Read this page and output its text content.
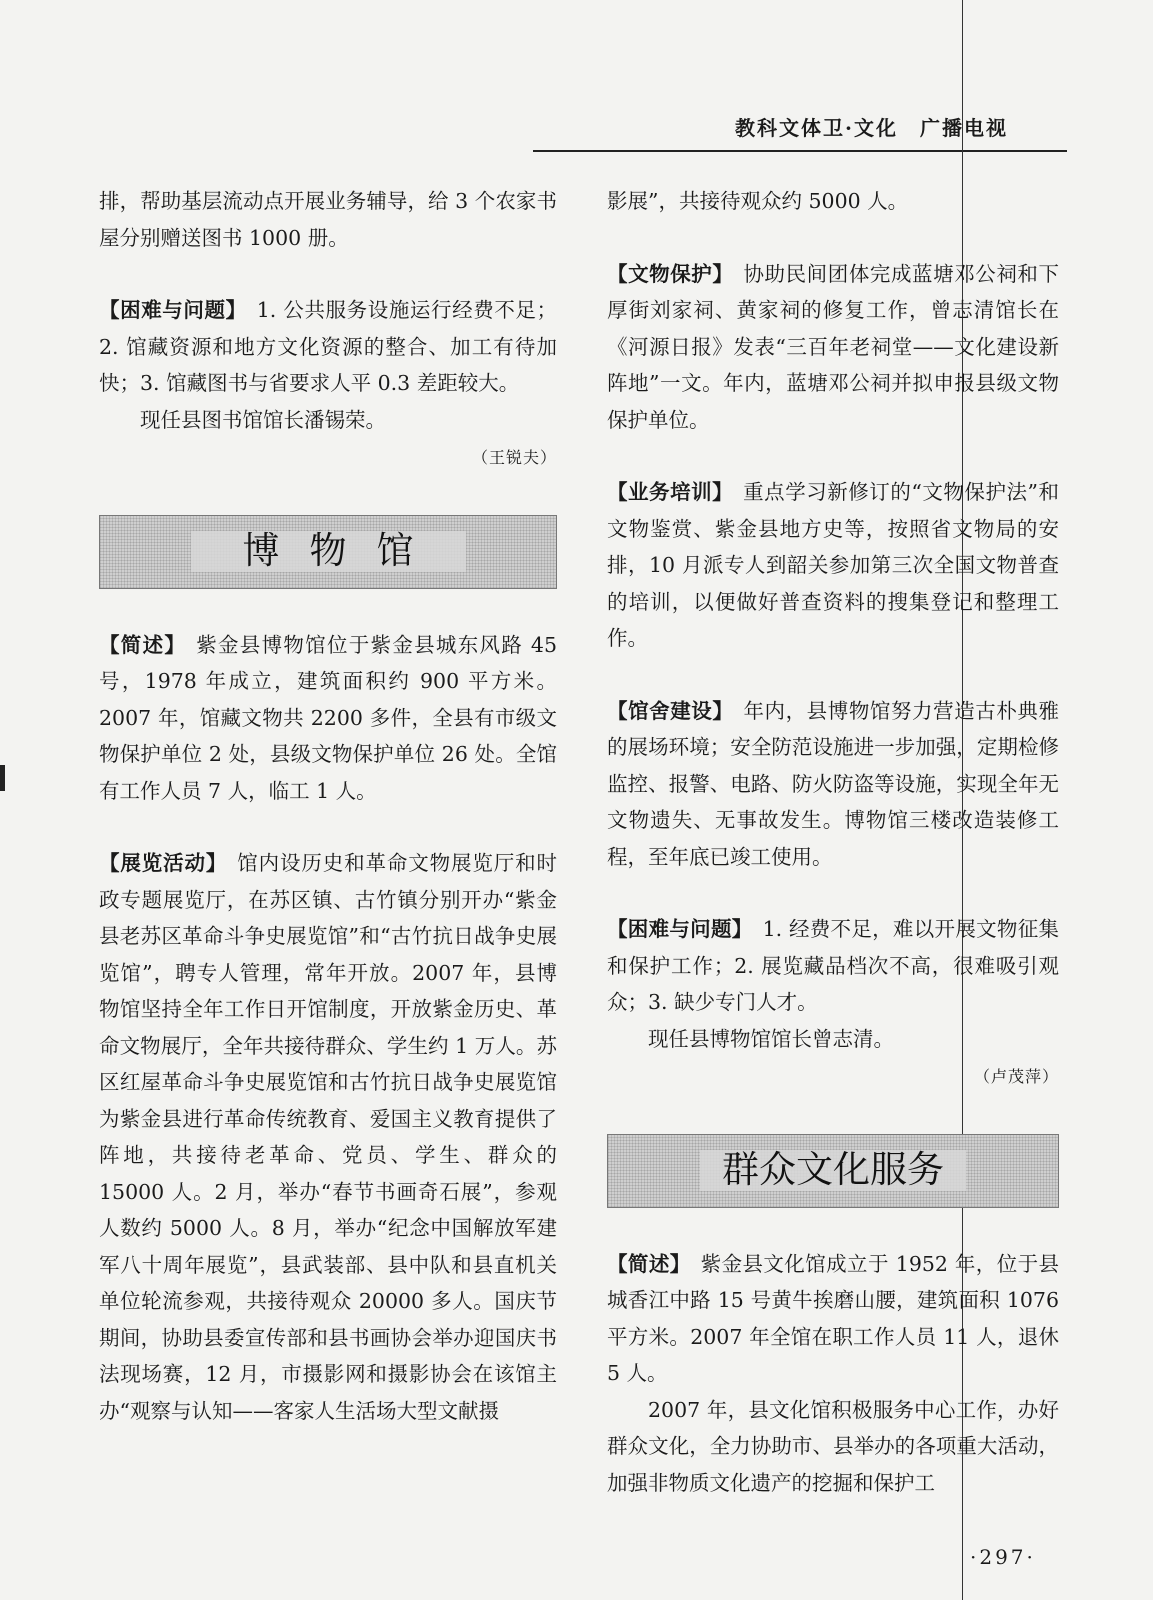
教科文体卫·文化　广播电视

排，帮助基层流动点开展业务辅导，给 3 个农家书屋分别赠送图书 1000 册。

【困难与问题】 1. 公共服务设施运行经费不足；2. 馆藏资源和地方文化资源的整合、加工有待加快；3. 馆藏图书与省要求人平 0.3 差距较大。

现任县图书馆馆长潘锡荣。

（王锐夫）
博物馆

【简述】 紫金县博物馆位于紫金县城东风路 45 号，1978 年成立，建筑面积约 900 平方米。2007 年，馆藏文物共 2200 多件，全县有市级文物保护单位 2 处，县级文物保护单位 26 处。全馆有工作人员 7 人，临工 1 人。

【展览活动】 馆内设历史和革命文物展览厅和时政专题展览厅，在苏区镇、古竹镇分别开办“紫金县老苏区革命斗争史展览馆”和“古竹抗日战争史展览馆”，聘专人管理，常年开放。2007 年，县博物馆坚持全年工作日开馆制度，开放紫金历史、革命文物展厅，全年共接待群众、学生约 1 万人。苏区红屋革命斗争史展览馆和古竹抗日战争史展览馆为紫金县进行革命传统教育、爱国主义教育提供了阵地，共接待老革命、党员、学生、群众的 15000 人。2 月，举办“春节书画奇石展”，参观人数约 5000 人。8 月，举办“纪念中国解放军建军八十周年展览”，县武装部、县中队和县直机关单位轮流参观，共接待观众 20000 多人。国庆节期间，协助县委宣传部和县书画协会举办迎国庆书法现场赛，12 月，市摄影网和摄影协会在该馆主办“观察与认知——客家人生活场大型文献摄

影展”，共接待观众约 5000 人。

【文物保护】 协助民间团体完成蓝塘邓公祠和下厚街刘家祠、黄家祠的修复工作，曾志清馆长在《河源日报》发表“三百年老祠堂——文化建设新阵地”一文。年内，蓝塘邓公祠并拟申报县级文物保护单位。

【业务培训】 重点学习新修订的“文物保护法”和文物鉴赏、紫金县地方史等，按照省文物局的安排，10 月派专人到韶关参加第三次全国文物普查的培训，以便做好普查资料的搜集登记和整理工作。

【馆舍建设】 年内，县博物馆努力营造古朴典雅的展场环境；安全防范设施进一步加强，定期检修监控、报警、电路、防火防盗等设施，实现全年无文物遗失、无事故发生。博物馆三楼改造装修工程，至年底已竣工使用。

【困难与问题】 1. 经费不足，难以开展文物征集和保护工作；2. 展览藏品档次不高，很难吸引观众；3. 缺少专门人才。

现任县博物馆馆长曾志清。

（卢茂萍）
群众文化服务

【简述】 紫金县文化馆成立于 1952 年，位于县城香江中路 15 号黄牛挨磨山腰，建筑面积 1076 平方米。2007 年全馆在职工作人员 11 人，退休 5 人。

2007 年，县文化馆积极服务中心工作，办好群众文化，全力协助市、县举办的各项重大活动，加强非物质文化遗产的挖掘和保护工

·297·
